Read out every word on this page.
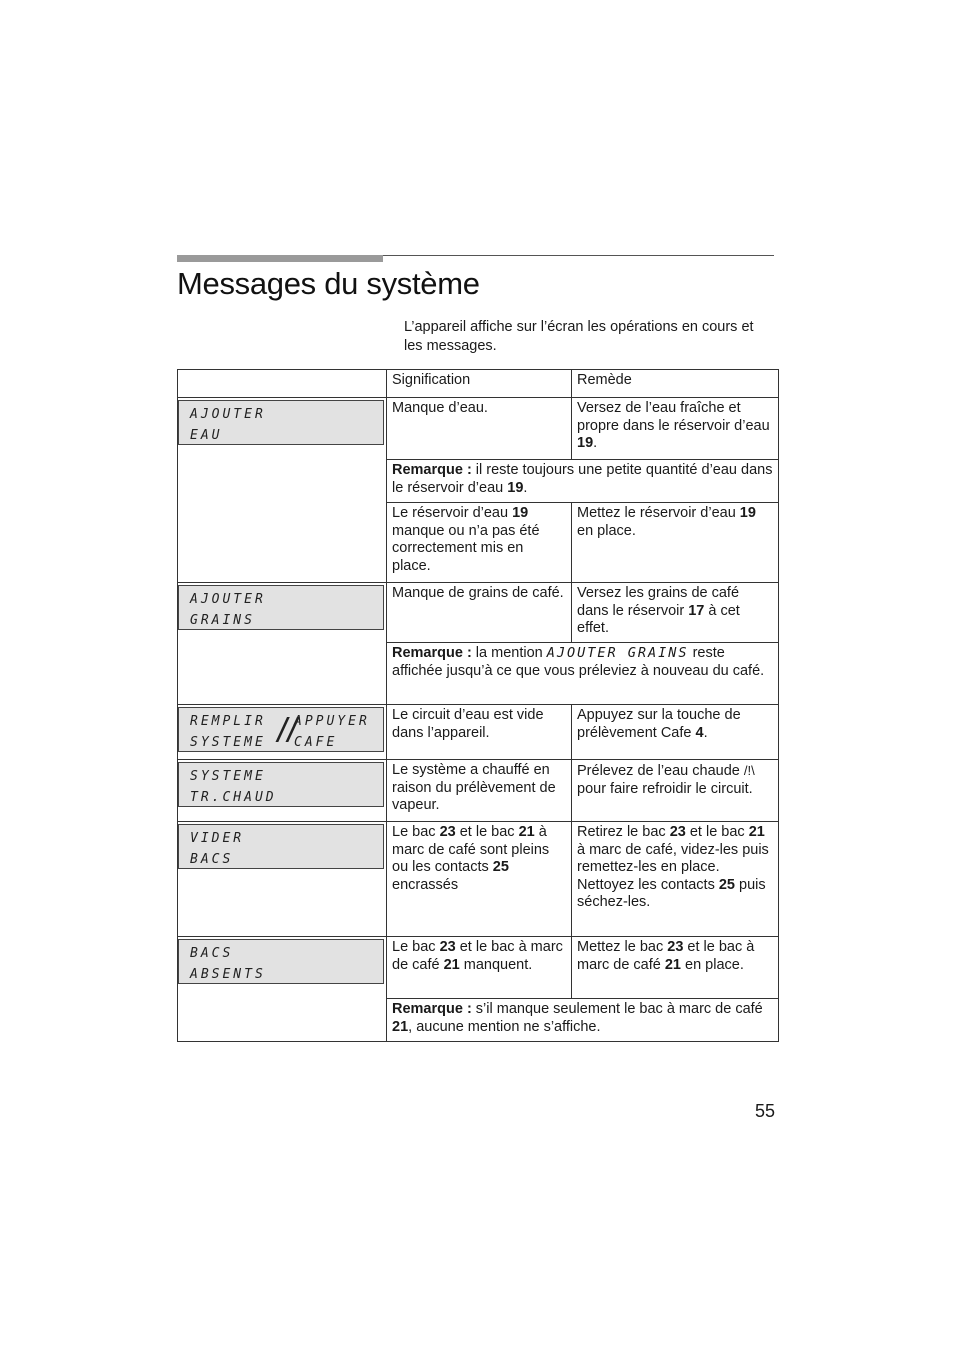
Messages du système

L’appareil affiche sur l’écran les opérations en cours et les messages.

	Signification	Remède

AJOUTER
EAU	Manque d’eau.	Versez de l’eau fraîche et propre dans le réservoir d’eau 19.
	Remarque : il reste toujours une petite quantité d’eau dans le réservoir d’eau 19.	
	Le réservoir d’eau 19 manque ou n’a pas été correctement mis en place.	Mettez le réservoir d’eau 19 en place.

AJOUTER
GRAINS	Manque de grains de café.	Versez les grains de café dans le réservoir 17 à cet effet.
	Remarque : la mention AJOUTER GRAINS reste affichée jusqu’à ce que vous préleviez à nouveau du café.	

REMPLIR
SYSTEME // APPUYER
CAFE	Le circuit d’eau est vide dans l’appareil.	Appuyez sur la touche de prélèvement Cafe 4.

SYSTEME
TR.CHAUD	Le système a chauffé en raison du prélèvement de vapeur.	Prélevez de l’eau chaude /!\ pour faire refroidir le circuit.

VIDER
BACS	Le bac 23 et le bac 21 à marc de café sont pleins ou les contacts 25 encrassés	Retirez le bac 23 et le bac 21 à marc de café, videz-les puis remettez-les en place. Nettoyez les contacts 25 puis séchez-les.

BACS
ABSENTS	Le bac 23 et le bac à marc de café 21 manquent.	Mettez le bac 23 et le bac à marc de café 21 en place.
	Remarque : s’il manque seulement le bac à marc de café 21, aucune mention ne s’affiche.	
55
